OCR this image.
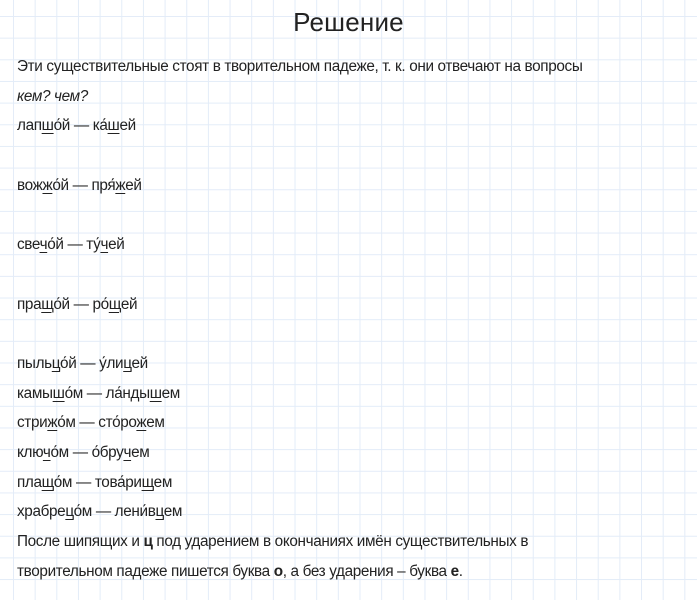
Решение
Эти существительные стоят в творительном падеже, т. к. они отвечают на вопросы
кем? чем?
лапшо́й — ка́шей
вожжо́й — пря́жей
свечо́й — ту́чей
пращо́й — ро́щей
пыльцо́й — у́лицей
камышо́м — ла́ндышем
стрижо́м — сто́рожем
ключо́м — о́бручем
плащо́м — това́рищем
храбрецо́м — лени́вцем
После шипящих и ц под ударением в окончаниях имён существительных в
творительном падеже пишется буква о, а без ударения – буква е.
